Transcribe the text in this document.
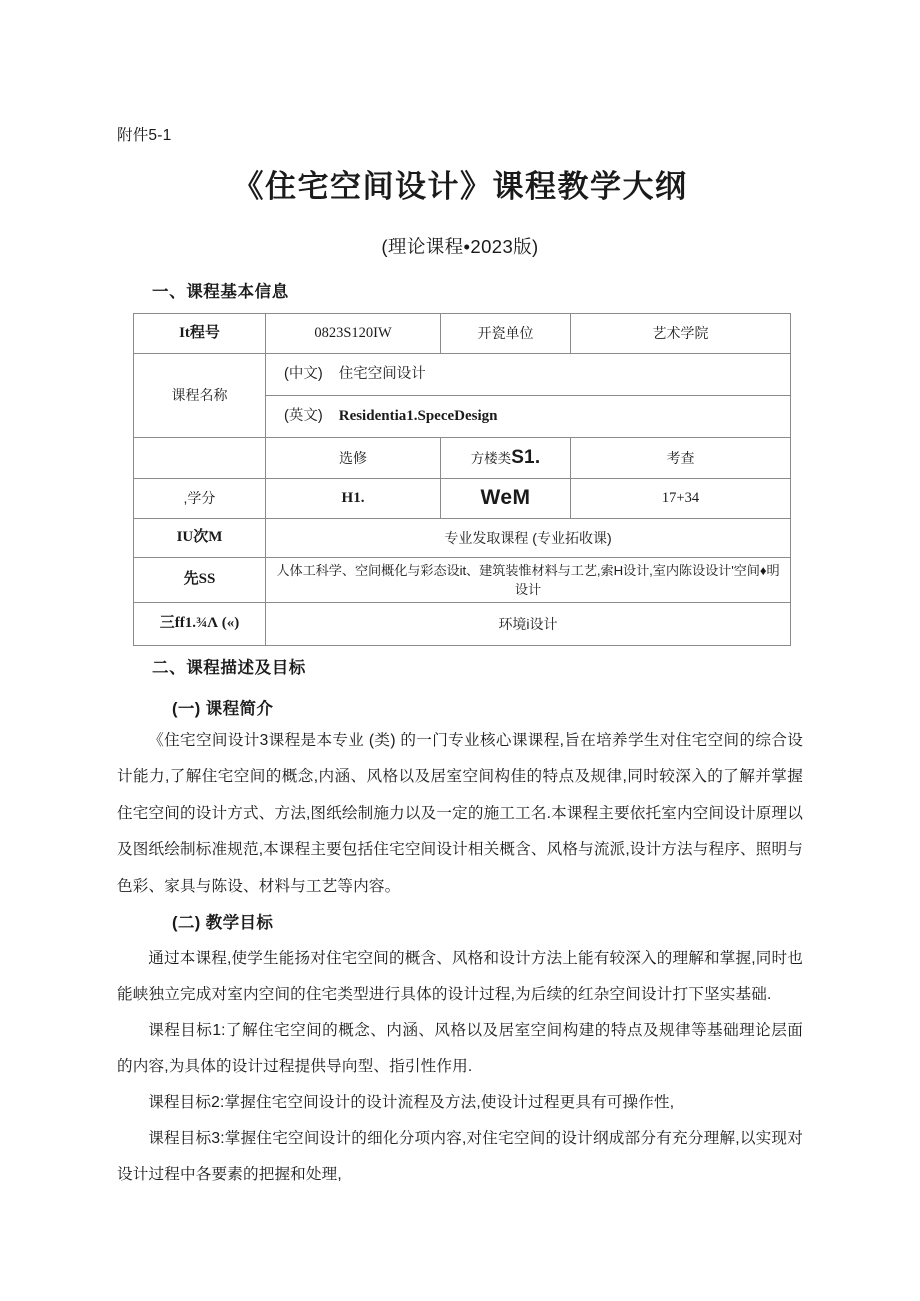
附件5-1
《住宅空间设计》课程教学大纲
(理论课程•2023版)
一、课程基本信息
It程号	0823S120IW	开瓷单位	艺术学院
课程名称	(中文) 住宅空间设计		
	(英文) Residentia1.SpeceDesign		
	选修	方楼类S1.	考查
,学分	H1.	WeM	17+34
IU次M	专业发取课程 (专业拓收课)		
先SS	人体工科学、空间概化与彩态设it、建筑装惟材料与工艺,索H设计,室内陈设设计'空间♦明设计		
三ff1.¾Λ («)	环境i设计		
二、课程描述及目标
(一) 课程简介
《住宅空间设计3课程是本专业 (类) 的一门专业核心课课程,旨在培养学生对住宅空间的综合设计能力,了解住宅空间的概念,内涵、风格以及居室空间构佳的特点及规律,同时较深入的了解并掌握住宅空间的设计方式、方法,图纸绘制施力以及一定的施工工名.本课程主要依托室内空间设计原理以及图纸绘制标准规范,本课程主要包括住宅空间设计相关概含、风格与流派,设计方法与程序、照明与色彩、家具与陈设、材料与工艺等内容。
(二) 教学目标
通过本课程,使学生能扬对住宅空间的概含、风格和设计方法上能有较深入的理解和掌握,同时也能峡独立完成对室内空间的住宅类型进行具体的设计过程,为后续的红杂空间设计打下坚实基础.
课程目标1:了解住宅空间的概念、内涵、风格以及居室空间构建的特点及规律等基础理论层面的内容,为具体的设计过程提供导向型、指引性作用.
课程目标2:掌握住宅空间设计的设计流程及方法,使设计过程更具有可操作性,
课程目标3:掌握住宅空间设计的细化分项内容,对住宅空间的设计纲成部分有充分理解,以实现对设计过程中各要素的把握和处理,
